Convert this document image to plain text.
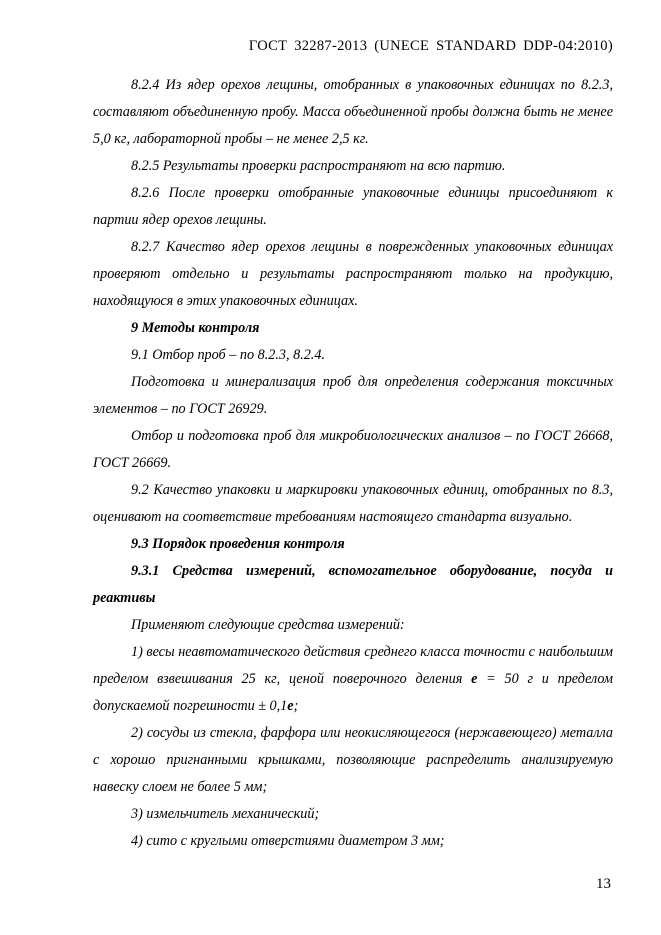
ГОСТ 32287-2013 (UNECE STANDARD DDP-04:2010)

8.2.4 Из ядер орехов лещины, отобранных в упаковочных единицах по 8.2.3, составляют объединенную пробу. Масса объединенной пробы должна быть не менее 5,0 кг, лабораторной пробы – не менее 2,5 кг.

8.2.5 Результаты проверки распространяют на всю партию.

8.2.6 После проверки отобранные упаковочные единицы присоединяют к партии ядер орехов лещины.

8.2.7 Качество ядер орехов лещины в поврежденных упаковочных единицах проверяют отдельно и результаты распространяют только на продукцию, находящуюся в этих упаковочных единицах.

9 Методы контроля

9.1 Отбор проб – по 8.2.3, 8.2.4.

Подготовка и минерализация проб для определения содержания токсичных элементов – по ГОСТ 26929.

Отбор и подготовка проб для микробиологических анализов – по ГОСТ 26668, ГОСТ 26669.

9.2 Качество упаковки и маркировки упаковочных единиц, отобранных по 8.3, оценивают на соответствие требованиям настоящего стандарта визуально.

9.3 Порядок проведения контроля

9.3.1 Средства измерений, вспомогательное оборудование, посуда и реактивы

Применяют следующие средства измерений:

1) весы неавтоматического действия среднего класса точности с наибольшим пределом взвешивания 25 кг, ценой поверочного деления е = 50 г и пределом допускаемой погрешности ± 0,1е;

2) сосуды из стекла, фарфора или неокисляющегося (нержавеющего) металла с хорошо пригнанными крышками, позволяющие распределить анализируемую навеску слоем не более 5 мм;

3) измельчитель механический;

4) сито с круглыми отверстиями диаметром 3 мм;

13
